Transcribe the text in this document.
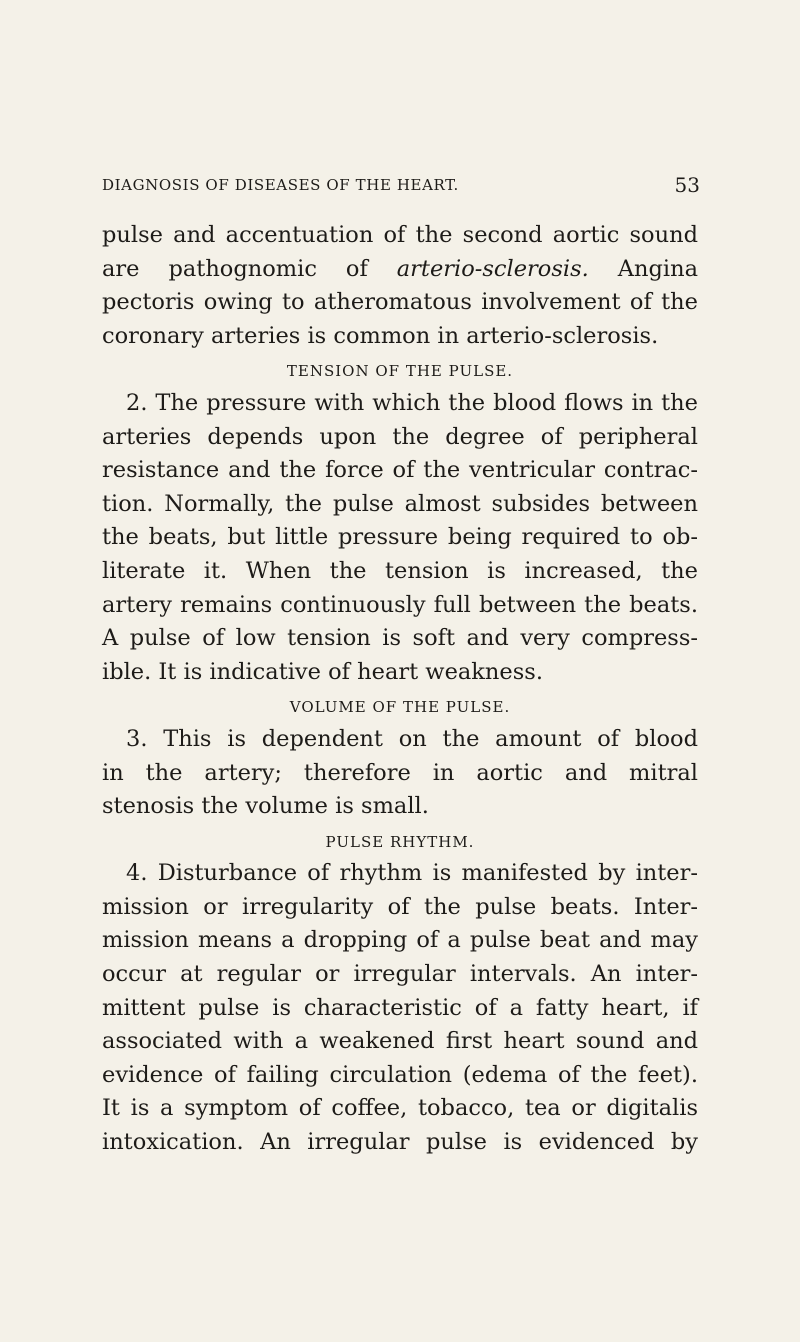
DIAGNOSIS OF DISEASES OF THE HEART.	53
pulse and accentuation of the second aortic sound
are pathognomic of arterio-sclerosis. Angina
pectoris owing to atheromatous involvement of the
coronary arteries is common in arterio-sclerosis.
TENSION OF THE PULSE.
2. The pressure with which the blood flows in the
arteries depends upon the degree of peripheral
resistance and the force of the ventricular contrac-
tion. Normally, the pulse almost subsides between
the beats, but little pressure being required to ob-
literate it. When the tension is increased, the
artery remains continuously full between the beats.
A pulse of low tension is soft and very compress-
ible. It is indicative of heart weakness.
VOLUME OF THE PULSE.
3. This is dependent on the amount of blood
in the artery; therefore in aortic and mitral
stenosis the volume is small.
PULSE RHYTHM.
4. Disturbance of rhythm is manifested by inter-
mission or irregularity of the pulse beats. Inter-
mission means a dropping of a pulse beat and may
occur at regular or irregular intervals. An inter-
mittent pulse is characteristic of a fatty heart, if
associated with a weakened first heart sound and
evidence of failing circulation (edema of the feet).
It is a symptom of coffee, tobacco, tea or digitalis
intoxication. An irregular pulse is evidenced by
